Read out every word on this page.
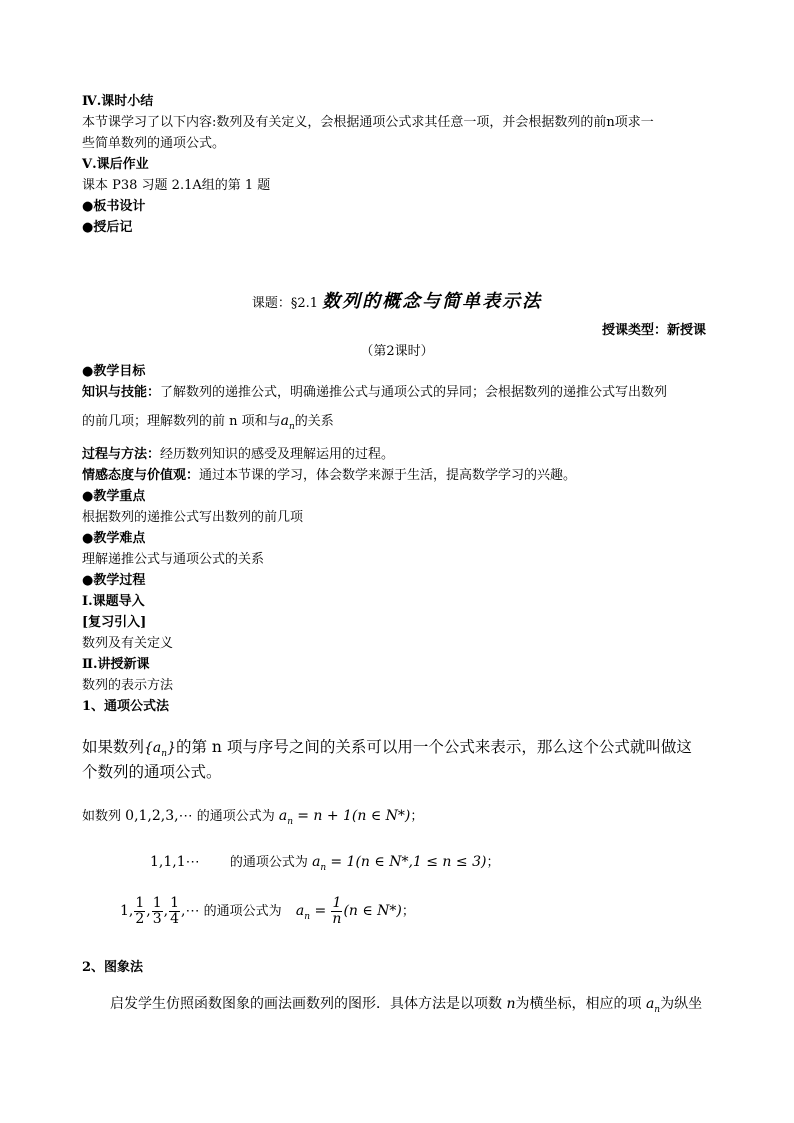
Ⅳ.课时小结
本节课学习了以下内容:数列及有关定义，会根据通项公式求其任意一项，并会根据数列的前n项求一
些简单数列的通项公式。
Ⅴ.课后作业
课本 P38 习题 2.1A组的第 1 题
●板书设计
●授后记
课题：§2.1 数列的概念与简单表示法
授课类型：新授课
（第2课时）
●教学目标
知识与技能：了解数列的递推公式，明确递推公式与通项公式的异同；会根据数列的递推公式写出数列
的前几项；理解数列的前 n 项和与$a_n$的关系
过程与方法：经历数列知识的感受及理解运用的过程。
情感态度与价值观：通过本节课的学习，体会数学来源于生活，提高数学学习的兴趣。
●教学重点
根据数列的递推公式写出数列的前几项
●教学难点
理解递推公式与通项公式的关系
●教学过程
Ⅰ.课题导入
[复习引入]
数列及有关定义
Ⅱ.讲授新课
数列的表示方法
1、通项公式法
如果数列$\{a_n\}$的第 n 项与序号之间的关系可以用一个公式来表示，那么这个公式就叫做这
个数列的通项公式。
如数列 0,1,2,3,⋯ 的通项公式为 $a_n = n + 1(n$ ∈ N*)；
1,1,1⋯ 的通项公式为 $a_n = 1(n$ ∈ N*,1 ≤ n ≤ 3)；
1, $\frac{1}{2}$ , $\frac{1}{3}$ , $\frac{1}{4}$ ,⋯ 的通项公式为 $a_n = \frac{1}{n} (n$ ∈ N*)；
2、图象法
启发学生仿照函数图象的画法画数列的图形．具体方法是以项数 n为横坐标，相应的项 $a_n$为纵坐
